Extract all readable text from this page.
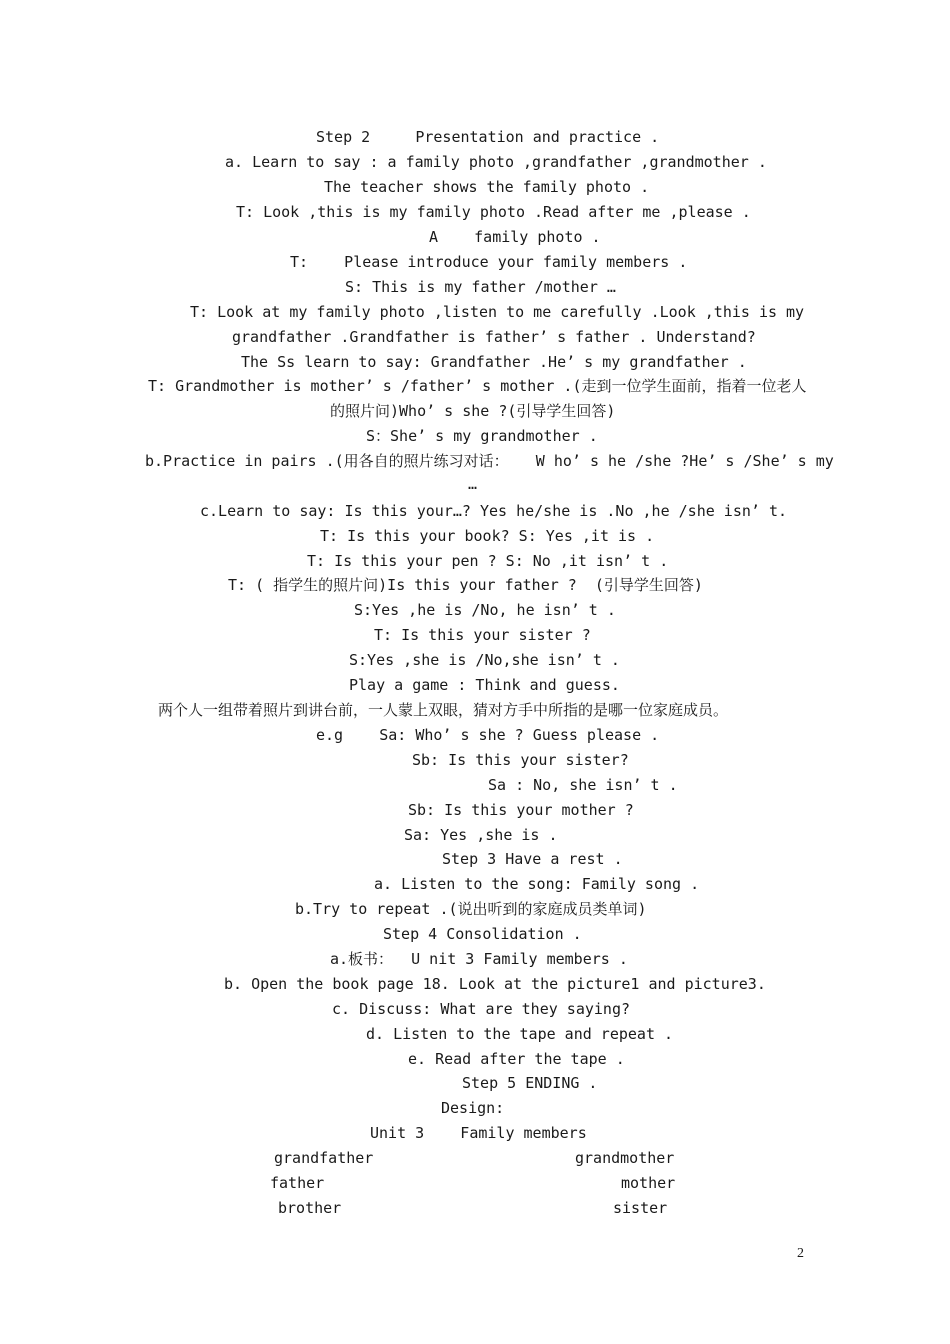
Step 2     Presentation and practice .
a. Learn to say : a family photo ,grandfather ,grandmother .
The teacher shows the family photo .
T: Look ,this is my family photo .Read after me ,please .
A    family photo .
T:    Please introduce your family members .
S: This is my father /mother …
T: Look at my family photo ,listen to me carefully .Look ,this is my
grandfather .Grandfather is father’ s father . Understand?
The Ss learn to say: Grandfather .He’ s my grandfather .
T: Grandmother is mother’ s /father’ s mother .(走到一位学生面前，指着一位老人
的照片问)Who’ s she ?(引导学生回答)
S：She’ s my grandmother .
b.Practice in pairs .(用各自的照片练习对话：   W ho’ s he /she ?He’ s /She’ s my
…
c.Learn to say: Is this your…? Yes he/she is .No ,he /she isn’ t.
T: Is this your book? S: Yes ,it is .
T: Is this your pen ? S: No ,it isn’ t .
T: ( 指学生的照片问)Is this your father ?  (引导学生回答)
S:Yes ,he is /No, he isn’ t .
T: Is this your sister ?
S:Yes ,she is /No,she isn’ t .
Play a game : Think and guess.
两个人一组带着照片到讲台前，一人蒙上双眼，猜对方手中所指的是哪一位家庭成员。
e.g    Sa: Who’ s she ? Guess please .
Sb: Is this your sister?
Sa : No, she isn’ t .
Sb: Is this your mother ?
Sa: Yes ,she is .
Step 3 Have a rest .
a. Listen to the song: Family song .
b.Try to repeat .(说出听到的家庭成员类单词)
Step 4 Consolidation .
a.板书：  U nit 3 Family members .
b. Open the book page 18. Look at the picture1 and picture3.
c. Discuss: What are they saying?
d. Listen to the tape and repeat .
e. Read after the tape .
Step 5 ENDING .
Design:
Unit 3    Family members
grandfather	grandmother
father	mother
brother	sister
2
